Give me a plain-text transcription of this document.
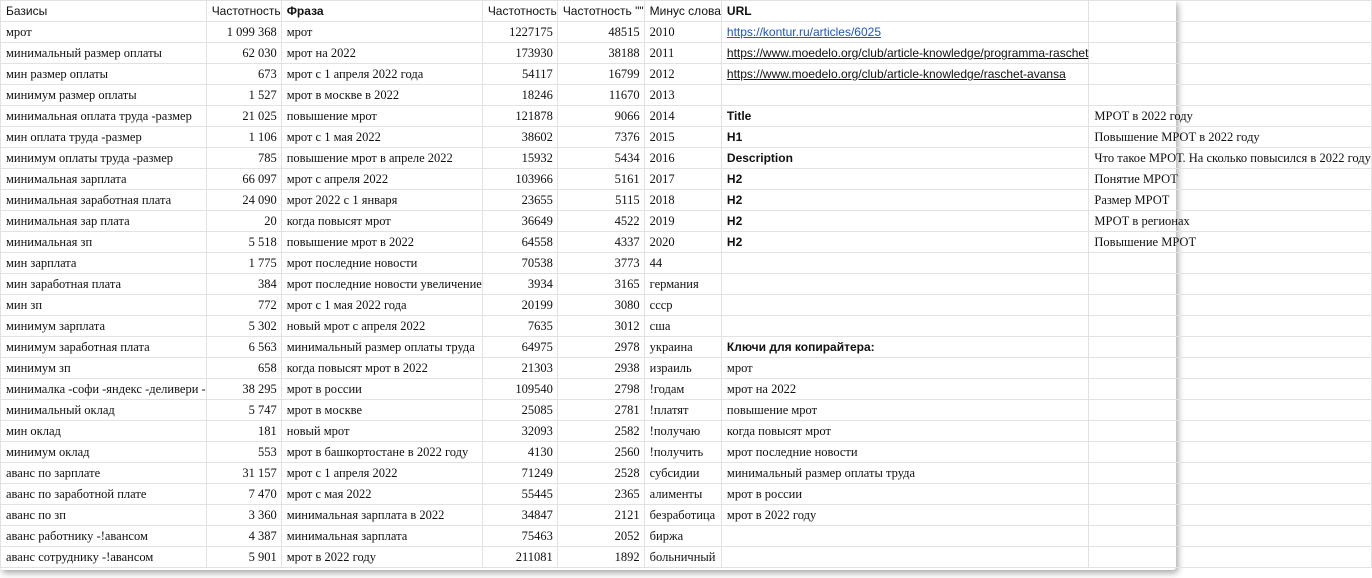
Базисы	Частотность	Фраза	Частотность	Частотность ""	Минус слова	URL	
мрот	1 099 368	мрот	1227175	48515	2010	https://kontur.ru/articles/6025	
минимальный размер оплаты	62 030	мрот на 2022	173930	38188	2011	https://www.moedelo.org/club/article-knowledge/programma-raschet	
мин размер оплаты	673	мрот с 1 апреля 2022 года	54117	16799	2012	https://www.moedelo.org/club/article-knowledge/raschet-avansa	
минимум размер оплаты	1 527	мрот в москве в 2022	18246	11670	2013		
минимальная оплата труда -размер	21 025	повышение мрот	121878	9066	2014	Title	МРОТ в 2022 году
мин оплата труда -размер	1 106	мрот с 1 мая 2022	38602	7376	2015	H1	Повышение МРОТ в 2022 году
минимум оплаты труда -размер	785	повышение мрот в апреле 2022	15932	5434	2016	Description	Что такое МРОТ. На сколько повысился в 2022 году
минимальная зарплата	66 097	мрот с апреля 2022	103966	5161	2017	H2	Понятие МРОТ
минимальная заработная плата	24 090	мрот 2022 с 1 января	23655	5115	2018	H2	Размер МРОТ
минимальная зар плата	20	когда повысят мрот	36649	4522	2019	H2	МРОТ в регионах
минимальная зп	5 518	повышение мрот в 2022	64558	4337	2020	H2	Повышение МРОТ
мин зарплата	1 775	мрот последние новости	70538	3773	44		
мин заработная плата	384	мрот последние новости увеличение	3934	3165	германия		
мин зп	772	мрот с 1 мая 2022 года	20199	3080	ссср		
минимум зарплата	5 302	новый мрот с апреля 2022	7635	3012	сша		
минимум заработная плата	6 563	минимальный размер оплаты труда	64975	2978	украина	Ключи для копирайтера:	
минимум зп	658	когда повысят мрот в 2022	21303	2938	израиль	мрот	
минималка -софи -яндекс -деливери -	38 295	мрот в россии	109540	2798	!годам	мрот на 2022	
минимальный оклад	5 747	мрот в москве	25085	2781	!платят	повышение мрот	
мин оклад	181	новый мрот	32093	2582	!получаю	когда повысят мрот	
минимум оклад	553	мрот в башкортостане в 2022 году	4130	2560	!получить	мрот последние новости	
аванс по зарплате	31 157	мрот с 1 апреля 2022	71249	2528	субсидии	минимальный размер оплаты труда	
аванс по заработной плате	7 470	мрот с мая 2022	55445	2365	алименты	мрот в россии	
аванс по зп	3 360	минимальная зарплата в 2022	34847	2121	безработица	мрот в 2022 году	
аванс работнику -!авансом	4 387	минимальная зарплата	75463	2052	биржа		
аванс сотруднику -!авансом	5 901	мрот в 2022 году	211081	1892	больничный		
